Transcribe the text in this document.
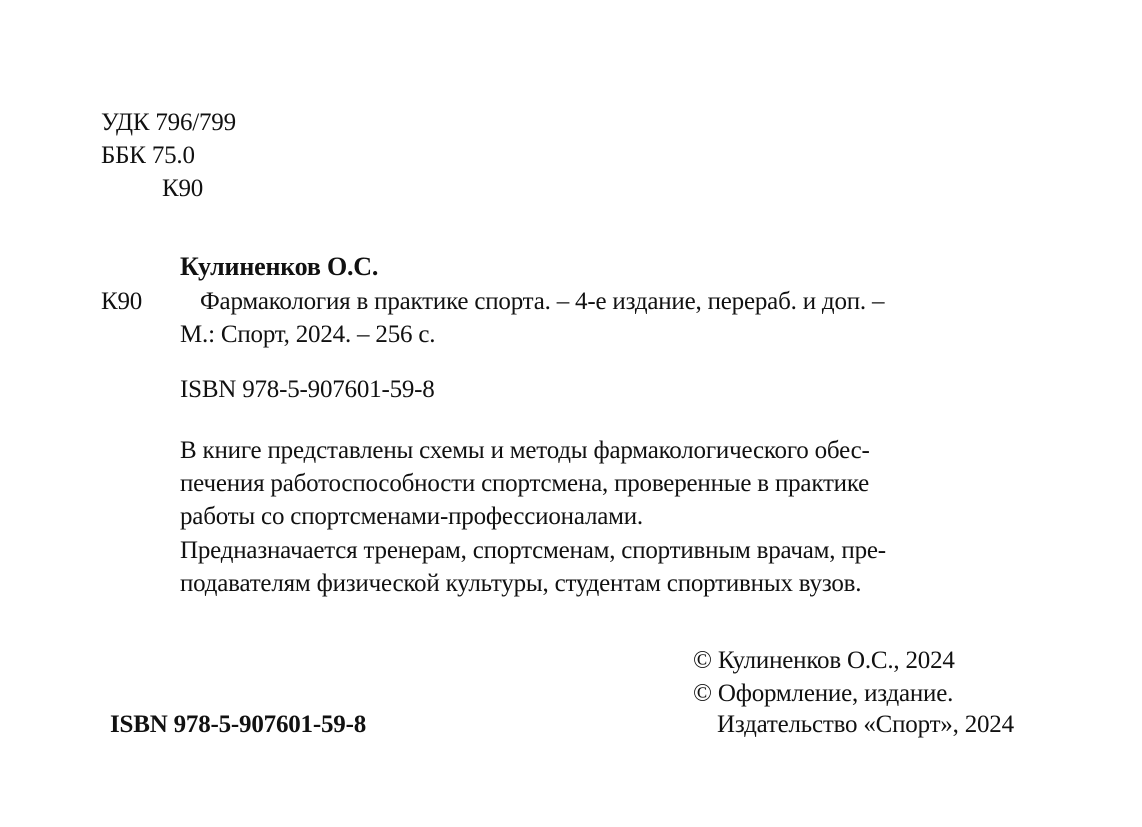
УДК 796/799
ББК 75.0
К90
Кулиненков О.С.
К90 Фармакология в практике спорта. – 4-е издание, перераб. и доп. –
М.: Спорт, 2024. – 256 с.
ISBN 978-5-907601-59-8
В книге представлены схемы и методы фармакологического обес-
печения работоспособности спортсмена, проверенные в практике
работы со спортсменами-профессионалами.
Предназначается тренерам, спортсменам, спортивным врачам, пре-
подавателям физической культуры, студентам спортивных вузов.
© Кулиненков О.С., 2024
© Оформление, издание.
Издательство «Спорт», 2024
ISBN 978-5-907601-59-8
